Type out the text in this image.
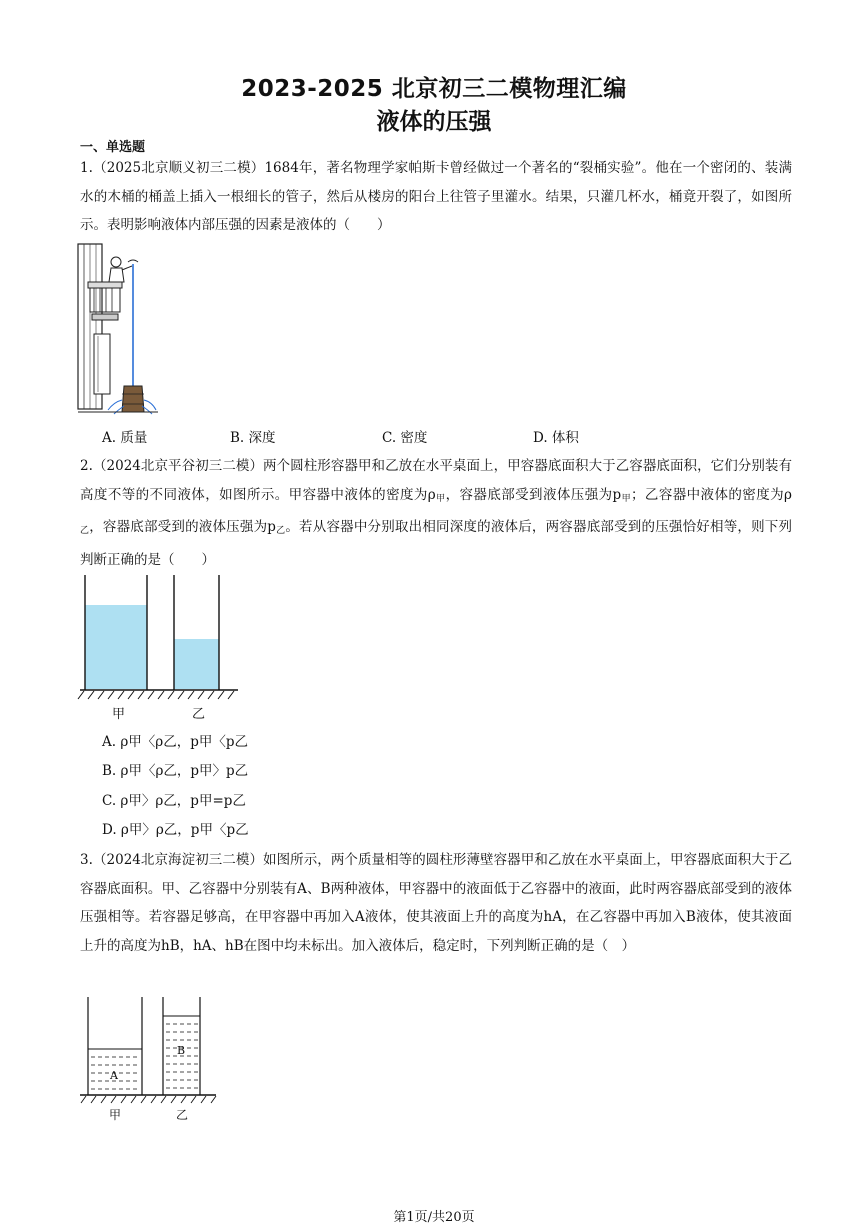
2023-2025 北京初三二模物理汇编
液体的压强
一、单选题
1.（2025北京顺义初三二模）1684年，著名物理学家帕斯卡曾经做过一个著名的“裂桶实验”。他在一个密闭的、装满水的木桶的桶盖上插入一根细长的管子，然后从楼房的阳台上往管子里灌水。结果，只灌几杯水，桶竟开裂了，如图所示。表明影响液体内部压强的因素是液体的（　　）
A. 质量	B. 深度	C. 密度	D. 体积
2.（2024北京平谷初三二模）两个圆柱形容器甲和乙放在水平桌面上，甲容器底面积大于乙容器底面积，它们分别装有高度不等的不同液体，如图所示。甲容器中液体的密度为$\rho_甲$，容器底部受到液体压强为$p_甲$；乙容器中液体的密度为$\rho_乙$，容器底部受到的液体压强为$p_乙$。若从容器中分别取出相同深度的液体后，两容器底部受到的压强恰好相等，则下列判断正确的是（　　）
甲	乙
A. ρ甲〈ρ乙，p甲〈p乙
B. ρ甲〈ρ乙，p甲〉p乙
C. ρ甲〉ρ乙，p甲=p乙
D. ρ甲〉ρ乙，p甲〈p乙
3.（2024北京海淀初三二模）如图所示，两个质量相等的圆柱形薄壁容器甲和乙放在水平桌面上，甲容器底面积大于乙容器底面积。甲、乙容器中分别装有A、B两种液体，甲容器中的液面低于乙容器中的液面，此时两容器底部受到的液体压强相等。若容器足够高，在甲容器中再加入A液体，使其液面上升的高度为hA，在乙容器中再加入B液体，使其液面上升的高度为hB，hA、hB在图中均未标出。加入液体后，稳定时，下列判断正确的是（　）
A
B
甲	乙
第1页/共20页
